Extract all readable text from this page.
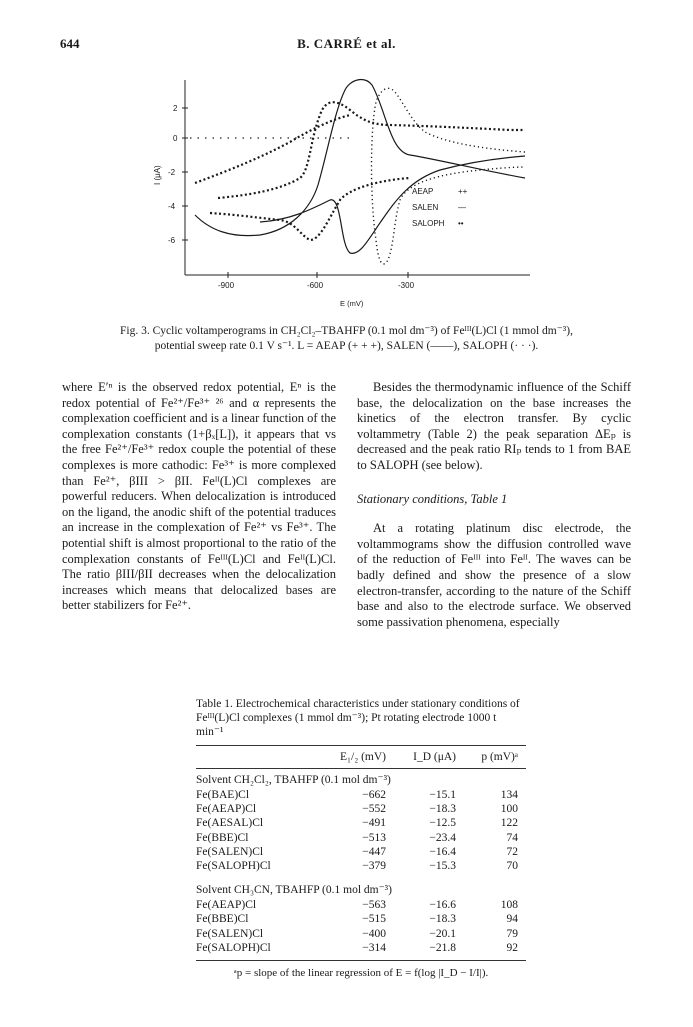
644	B. CARRÉ et al.
2
0
-2
-4
-6
I (μA)
-900	-600	-300
E (mV)
AEAP	++
SALEN —
SALOPH ••
Fig. 3. Cyclic voltamperograms in CH₂Cl₂–TBAHFP (0.1 mol dm⁻³) of Feᴵᴵᴵ(L)Cl (1 mmol dm⁻³),
potential sweep rate 0.1 V s⁻¹. L = AEAP (+ + +), SALEN (——), SALOPH (· · ·).

where E′ⁿ is the observed redox potential, Eⁿ is the redox potential of Fe²⁺/Fe³⁺ ²⁶ and α represents the complexation coefficient and is a linear function of the complexation constants (1+βₓ[L]), it appears that vs the free Fe²⁺/Fe³⁺ redox couple the potential of these complexes is more cathodic: Fe³⁺ is more complexed than Fe²⁺, βIII > βII. Feᴵᴵ(L)Cl complexes are powerful reducers. When delocalization is introduced on the ligand, the anodic shift of the potential traduces an increase in the complexation of Fe²⁺ vs Fe³⁺. The potential shift is almost proportional to the ratio of the complexation constants of Feᴵᴵᴵ(L)Cl and Feᴵᴵ(L)Cl. The ratio βIII/βII decreases when the delocalization increases which means that delocalized bases are better stabilizers for Fe²⁺.

Besides the thermodynamic influence of the Schiff base, the delocalization on the base increases the kinetics of the electron transfer. By cyclic voltammetry (Table 2) the peak separation ΔEₚ is decreased and the peak ratio RIₚ tends to 1 from BAE to SALOPH (see below).

Stationary conditions, Table 1

At a rotating platinum disc electrode, the voltammograms show the diffusion controlled wave of the reduction of Feᴵᴵᴵ into Feᴵᴵ. The waves can be badly defined and show the presence of a slow electron-transfer, according to the nature of the Schiff base and also to the electrode surface. We observed some passivation phenomena, especially

Table 1. Electrochemical characteristics under stationary conditions of
Feᴵᴵᴵ(L)Cl complexes (1 mmol dm⁻³); Pt rotating electrode 1000 t min⁻¹
E₁/₂ (mV)	I_D (μA)	p (mV)ᵃ
Solvent CH₂Cl₂, TBAHFP (0.1 mol dm⁻³)
Fe(BAE)Cl	−662	−15.1	134
Fe(AEAP)Cl	−552	−18.3	100
Fe(AESAL)Cl	−491	−12.5	122
Fe(BBE)Cl	−513	−23.4	74
Fe(SALEN)Cl	−447	−16.4	72
Fe(SALOPH)Cl	−379	−15.3	70
Solvent CH₃CN, TBAHFP (0.1 mol dm⁻³)
Fe(AEAP)Cl	−563	−16.6	108
Fe(BBE)Cl	−515	−18.3	94
Fe(SALEN)Cl	−400	−20.1	79
Fe(SALOPH)Cl	−314	−21.8	92
ᵃp = slope of the linear regression of E = f(log |I_D − I/I|).
